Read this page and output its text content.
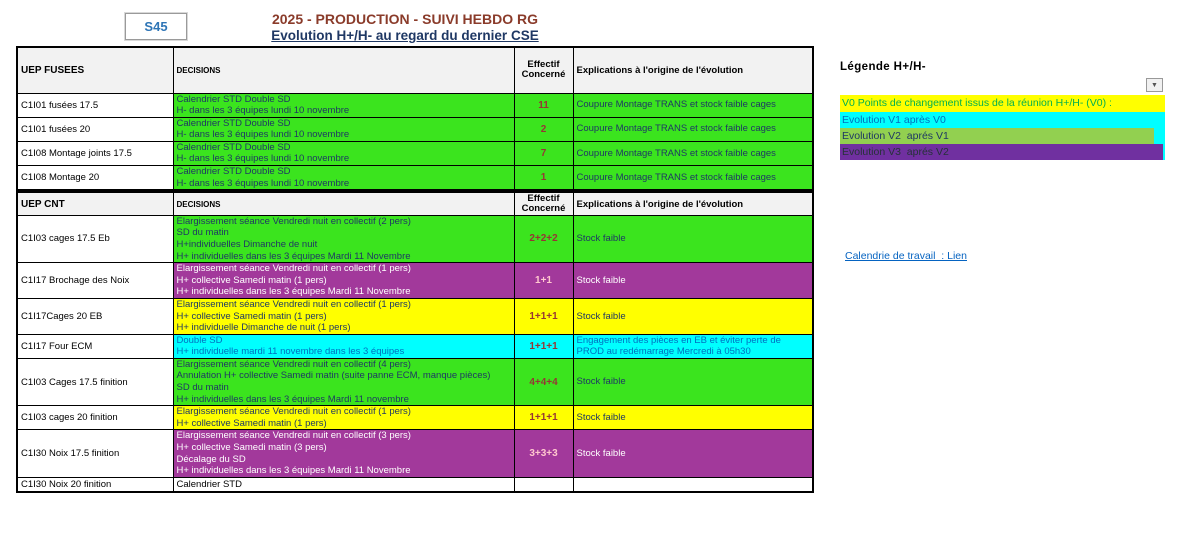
S45	2025 - PRODUCTION - SUIVI HEBDO RG
Evolution H+/H- au regard du dernier CSE
UEP FUSEES	DECISIONS	Effectif Concerné	Explications à l'origine de l'évolution
C1I01 fusées 17.5	Calendrier STD Double SD
H- dans les 3 équipes lundi 10 novembre	11	Coupure Montage TRANS et stock faible cages
C1I01 fusées 20	Calendrier STD Double SD
H- dans les 3 équipes lundi 10 novembre	2	Coupure Montage TRANS et stock faible cages
C1I08 Montage joints 17.5	Calendrier STD Double SD
H- dans les 3 équipes lundi 10 novembre	7	Coupure Montage TRANS et stock faible cages
C1I08 Montage 20	Calendrier STD Double SD
H- dans les 3 équipes lundi 10 novembre	1	Coupure Montage TRANS et stock faible cages
UEP CNT	DECISIONS	Effectif Concerné	Explications à l'origine de l'évolution
C1I03 cages 17.5 Eb	Elargissement séance Vendredi nuit en collectif (2 pers)
SD du matin
H+individuelles Dimanche de nuit
H+ individuelles dans les 3 équipes Mardi 11 Novembre	2+2+2	Stock faible
C1I17 Brochage des Noix	Elargissement séance Vendredi nuit en collectif (1 pers)
H+ collective Samedi matin (1 pers)
H+ individuelles dans les 3 équipes Mardi 11 Novembre	1+1	Stock faible
C1I17Cages 20 EB	Elargissement séance Vendredi nuit en collectif (1 pers)
H+ collective Samedi matin (1 pers)
H+ individuelle Dimanche de nuit (1 pers)	1+1+1	Stock faible
C1I17 Four ECM	Double SD
H+ individuelle mardi 11 novembre dans les 3 équipes	1+1+1	Engagement des pièces en EB et éviter perte de PROD au redémarrage Mercredi à 05h30
C1I03 Cages 17.5 finition	Elargissement séance Vendredi nuit en collectif (4 pers)
Annulation H+ collective Samedi matin (suite panne ECM, manque pièces)
SD du matin
H+ individuelles dans les 3 équipes Mardi 11 novembre	4+4+4	Stock faible
C1I03 cages 20 finition	Elargissement séance Vendredi nuit en collectif (1 pers)
H+ collective Samedi matin (1 pers)	1+1+1	Stock faible
C1I30 Noix 17.5 finition	Elargissement séance Vendredi nuit en collectif (3 pers)
H+ collective Samedi matin (3 pers)
Décalage du SD
H+ individuelles dans les 3 équipes Mardi 11 Novembre	3+3+3	Stock faible
C1I30 Noix 20 finition	Calendrier STD		

Légende H+/H-
▼
V0 Points de changement issus de la réunion H+/H- (V0) :
Evolution V1 après V0
Evolution V2  aprés V1
Evolution V3  aprés V2
Calendrie de travail  : Lien
